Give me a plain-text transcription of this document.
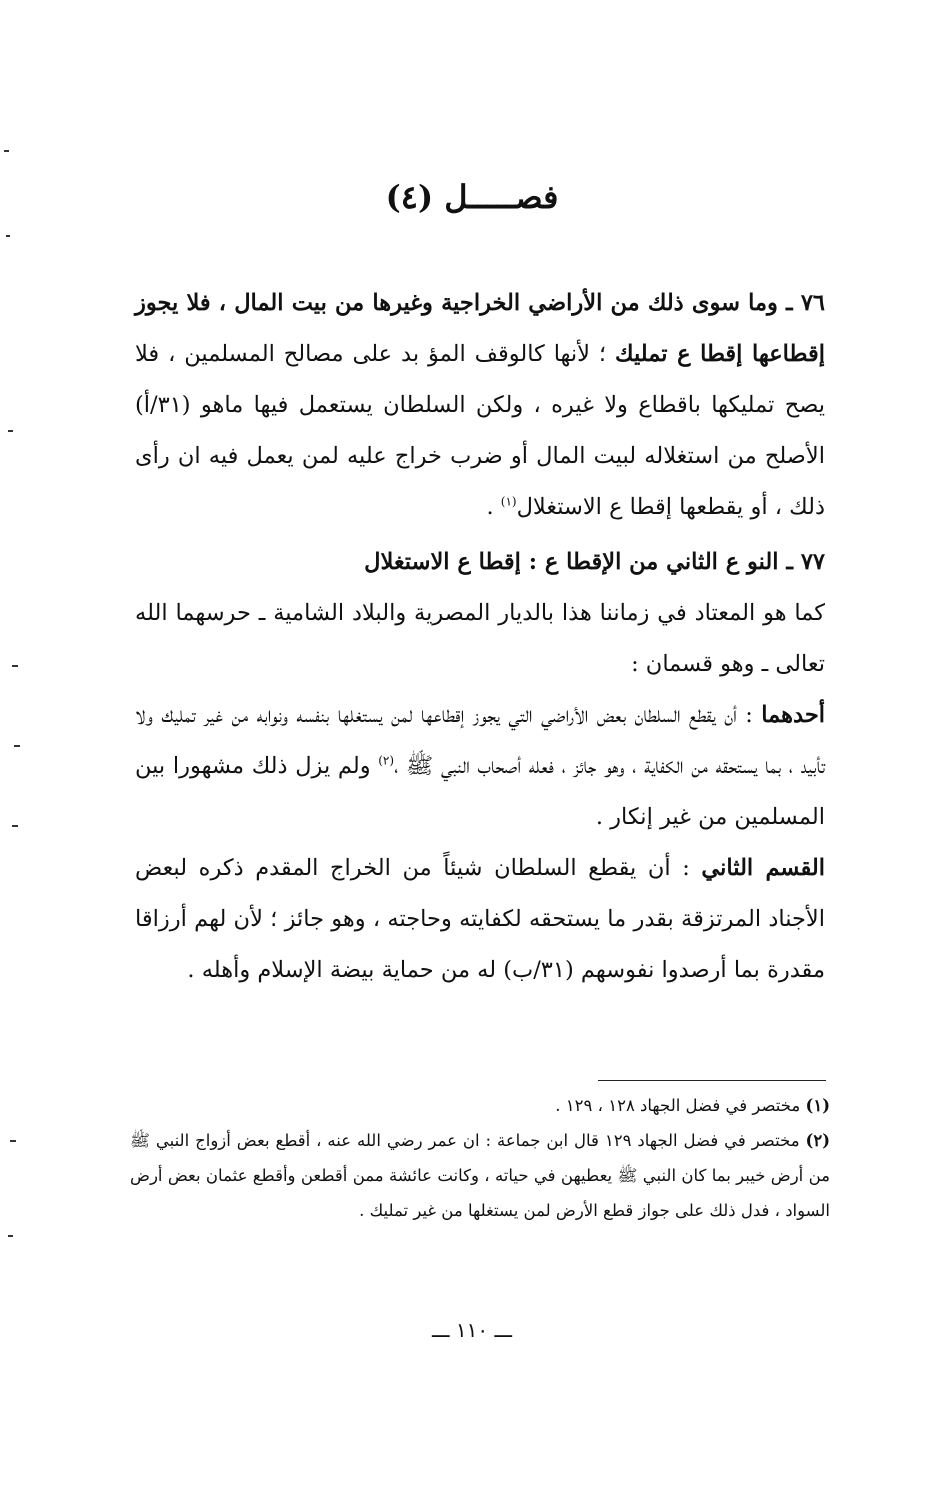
فصـــــل (٤)

٧٦ ـ وما سوى ذلك من الأراضي الخراجية وغيرها من بيت المال ، فلا يجوز إقطاعها إقطا ع تمليك ؛ لأنها كالوقف المؤ بد على مصالح المسلمين ، فلا يصح تمليكها باقطاع ولا غيره ، ولكن السلطان يستعمل فيها ماهو (٣١/أ) الأصلح من استغلاله لبيت المال أو ضرب خراج عليه لمن يعمل فيه ان رأى ذلك ، أو يقطعها إقطا ع الاستغلال$^{(١)}$ .

٧٧ ـ النو ع الثاني من الإقطا ع : إقطا ع الاستغلال

كما هو المعتاد في زماننا هذا بالديار المصرية والبلاد الشامية ـ حرسهما الله تعالى ـ وهو قسمان :

أحدهما : أن يقطع السلطان بعض الأراضي التي يجوز إقطاعها لمن يستغلها بنفسه ونوابه من غير تمليك ولا تأبيد ، بما يستحقه من الكفاية ، وهو جائز ، فعله أصحاب النبي ﷺ ،$^{(٢)}$ ولم يزل ذلك مشهورا بين المسلمين من غير إنكار .

القسم الثاني : أن يقطع السلطان شيئاً من الخراج المقدم ذكره لبعض الأجناد المرتزقة بقدر ما يستحقه لكفايته وحاجته ، وهو جائز ؛ لأن لهم أرزاقا مقدرة بما أرصدوا نفوسهم (٣١/ب) له من حماية بيضة الإسلام وأهله .

(١) مختصر في فضل الجهاد ١٢٨ ، ١٢٩ .

(٢) مختصر في فضل الجهاد ١٢٩ قال ابن جماعة : ان عمر رضي الله عنه ، أقطع بعض أزواج النبي ﷺ من أرض خيبر بما كان النبي ﷺ يعطيهن في حياته ، وكانت عائشة ممن أقطعن وأقطع عثمان بعض أرض السواد ، فدل ذلك على جواز قطع الأرض لمن يستغلها من غير تمليك .

ـــ ١١٠ ـــ
